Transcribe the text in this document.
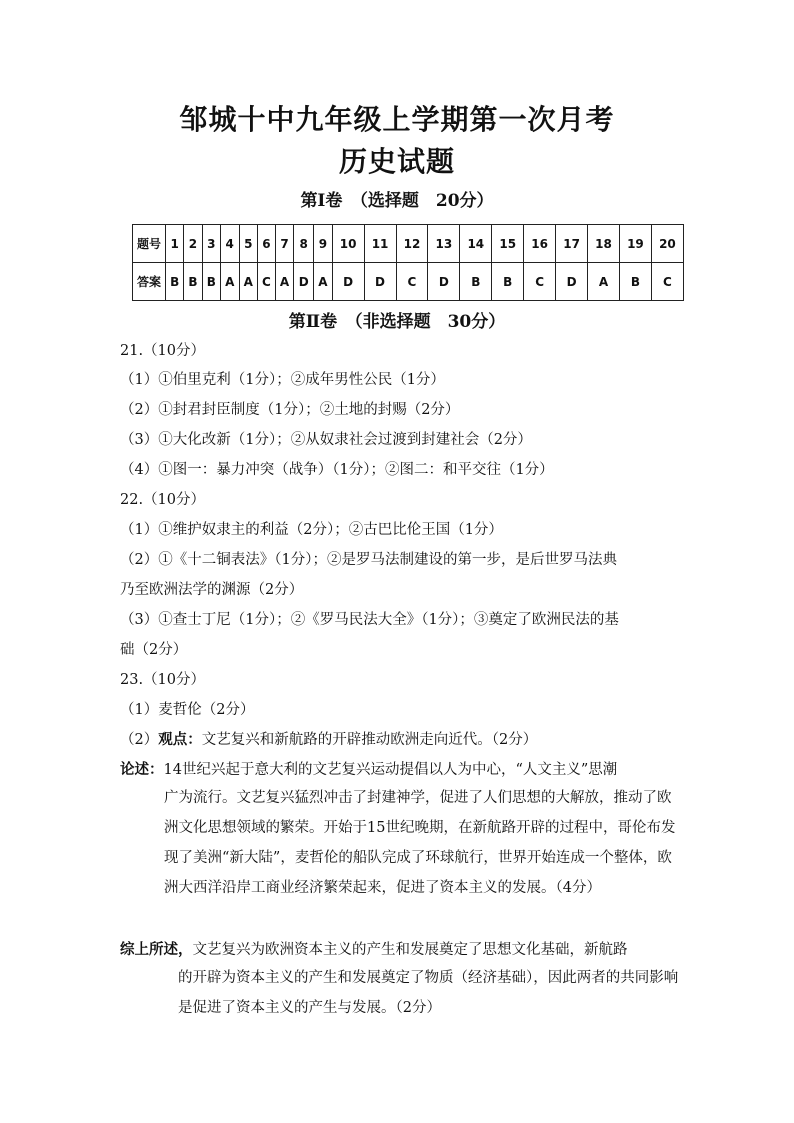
邹城十中九年级上学期第一次月考
历史试题
第Ⅰ卷　（选择题　20分）
题号	1	2	3	4	5	6	7	8	9	10	11	12	13	14	15	16	17	18	19	20
答案	B	B	B	A	A	C	A	D	A	D	D	C	D	B	B	C	D	A	B	C
第Ⅱ卷　（非选择题　30分）
21.（10分）
（1）①伯里克利（1分）；②成年男性公民（1分）
（2）①封君封臣制度（1分）；②土地的封赐（2分）
（3）①大化改新（1分）；②从奴隶社会过渡到封建社会（2分）
（4）①图一：暴力冲突（战争）（1分）；②图二：和平交往（1分）
22.（10分）
（1）①维护奴隶主的利益（2分）；②古巴比伦王国（1分）
（2）①《十二铜表法》（1分）；②是罗马法制建设的第一步，是后世罗马法典
乃至欧洲法学的渊源（2分）
（3）①查士丁尼（1分）；②《罗马民法大全》（1分）；③奠定了欧洲民法的基
础（2分）
23.（10分）
（1）麦哲伦（2分）
（2）观点：文艺复兴和新航路的开辟推动欧洲走向近代。（2分）
论述：14世纪兴起于意大利的文艺复兴运动提倡以人为中心，“人文主义”思潮
广为流行。文艺复兴猛烈冲击了封建神学，促进了人们思想的大解放，推动了欧洲文化思想领域的繁荣。开始于15世纪晚期，在新航路开辟的过程中，哥伦布发现了美洲“新大陆”，麦哲伦的船队完成了环球航行，世界开始连成一个整体，欧洲大西洋沿岸工商业经济繁荣起来，促进了资本主义的发展。（4分）
综上所述，文艺复兴为欧洲资本主义的产生和发展奠定了思想文化基础，新航路
的开辟为资本主义的产生和发展奠定了物质（经济基础），因此两者的共同影响是促进了资本主义的产生与发展。（2分）
